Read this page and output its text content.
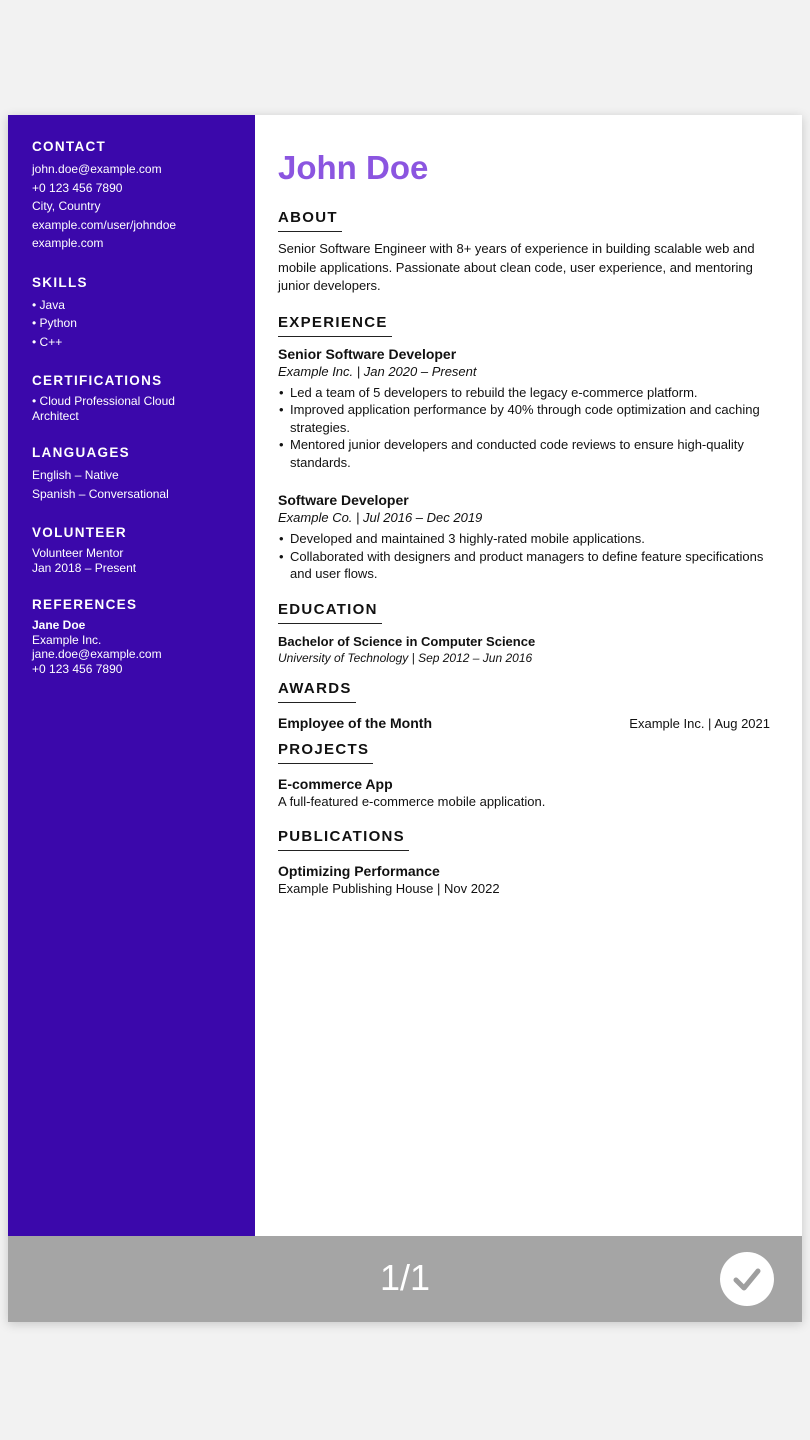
CONTACT
john.doe@example.com
+0 123 456 7890
City, Country
example.com/user/johndoe
example.com
SKILLS
• Java
• Python
• C++
CERTIFICATIONS
• Cloud Professional Cloud Architect
LANGUAGES
English – Native
Spanish – Conversational
VOLUNTEER
Volunteer Mentor
Jan 2018 – Present
REFERENCES
Jane Doe
Example Inc.
jane.doe@example.com
+0 123 456 7890
John Doe
ABOUT

Senior Software Engineer with 8+ years of experience in building scalable web and mobile applications. Passionate about clean code, user experience, and mentoring junior developers.

EXPERIENCE
Senior Software Developer
Example Inc. | Jan 2020 – Present
• Led a team of 5 developers to rebuild the legacy e-commerce platform.
• Improved application performance by 40% through code optimization and caching strategies.
• Mentored junior developers and conducted code reviews to ensure high-quality standards.
Software Developer
Example Co. | Jul 2016 – Dec 2019
• Developed and maintained 3 highly-rated mobile applications.
• Collaborated with designers and product managers to define feature specifications and user flows.
EDUCATION
Bachelor of Science in Computer Science
University of Technology | Sep 2012 – Jun 2016
AWARDS
Employee of the Month	Example Inc. | Aug 2021
PROJECTS
E-commerce App
A full-featured e-commerce mobile application.
PUBLICATIONS
Optimizing Performance
Example Publishing House | Nov 2022
1/1
